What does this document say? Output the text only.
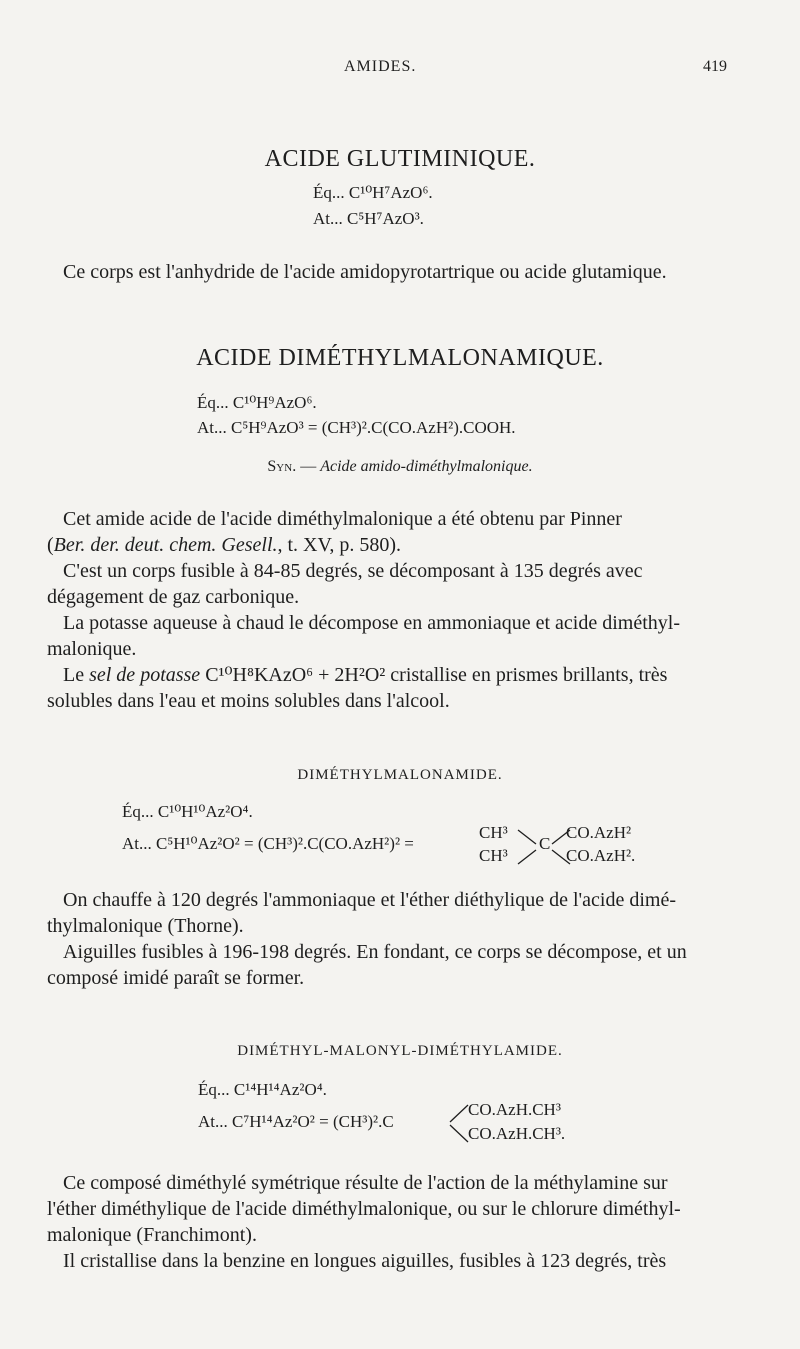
AMIDES.	419
ACIDE GLUTIMINIQUE.
Éq... C¹⁰H⁷AzO⁶.
At... C⁵H⁷AzO³.
Ce corps est l'anhydride de l'acide amidopyrotartrique ou acide glutamique.
ACIDE DIMÉTHYLMALONAMIQUE.
Éq... C¹⁰H⁹AzO⁶.
At... C⁵H⁹AzO³ = (CH³)².C(CO.AzH²).COOH.
Syn. — Acide amido-diméthylmalonique.
Cet amide acide de l'acide diméthylmalonique a été obtenu par Pinner
(Ber. der. deut. chem. Gesell., t. XV, p. 580).
C'est un corps fusible à 84-85 degrés, se décomposant à 135 degrés avec
dégagement de gaz carbonique.
La potasse aqueuse à chaud le décompose en ammoniaque et acide diméthyl-
malonique.
Le sel de potasse C¹⁰H⁸KAzO⁶ + 2H²O² cristallise en prismes brillants, très
solubles dans l'eau et moins solubles dans l'alcool.
DIMÉTHYLMALONAMIDE.
Éq... C¹⁰H¹⁰Az²O⁴.
At... C⁵H¹⁰Az²O² = (CH³)².C(CO.AzH²)² =
CH³
CH³
C
CO.AzH²
CO.AzH².
On chauffe à 120 degrés l'ammoniaque et l'éther diéthylique de l'acide dimé-
thylmalonique (Thorne).
Aiguilles fusibles à 196-198 degrés. En fondant, ce corps se décompose, et un
composé imidé paraît se former.
DIMÉTHYL-MALONYL-DIMÉTHYLAMIDE.
Éq... C¹⁴H¹⁴Az²O⁴.
At... C⁷H¹⁴Az²O² = (CH³)².C
CO.AzH.CH³
CO.AzH.CH³.
Ce composé diméthylé symétrique résulte de l'action de la méthylamine sur
l'éther diméthylique de l'acide diméthylmalonique, ou sur le chlorure diméthyl-
malonique (Franchimont).
Il cristallise dans la benzine en longues aiguilles, fusibles à 123 degrés, très
